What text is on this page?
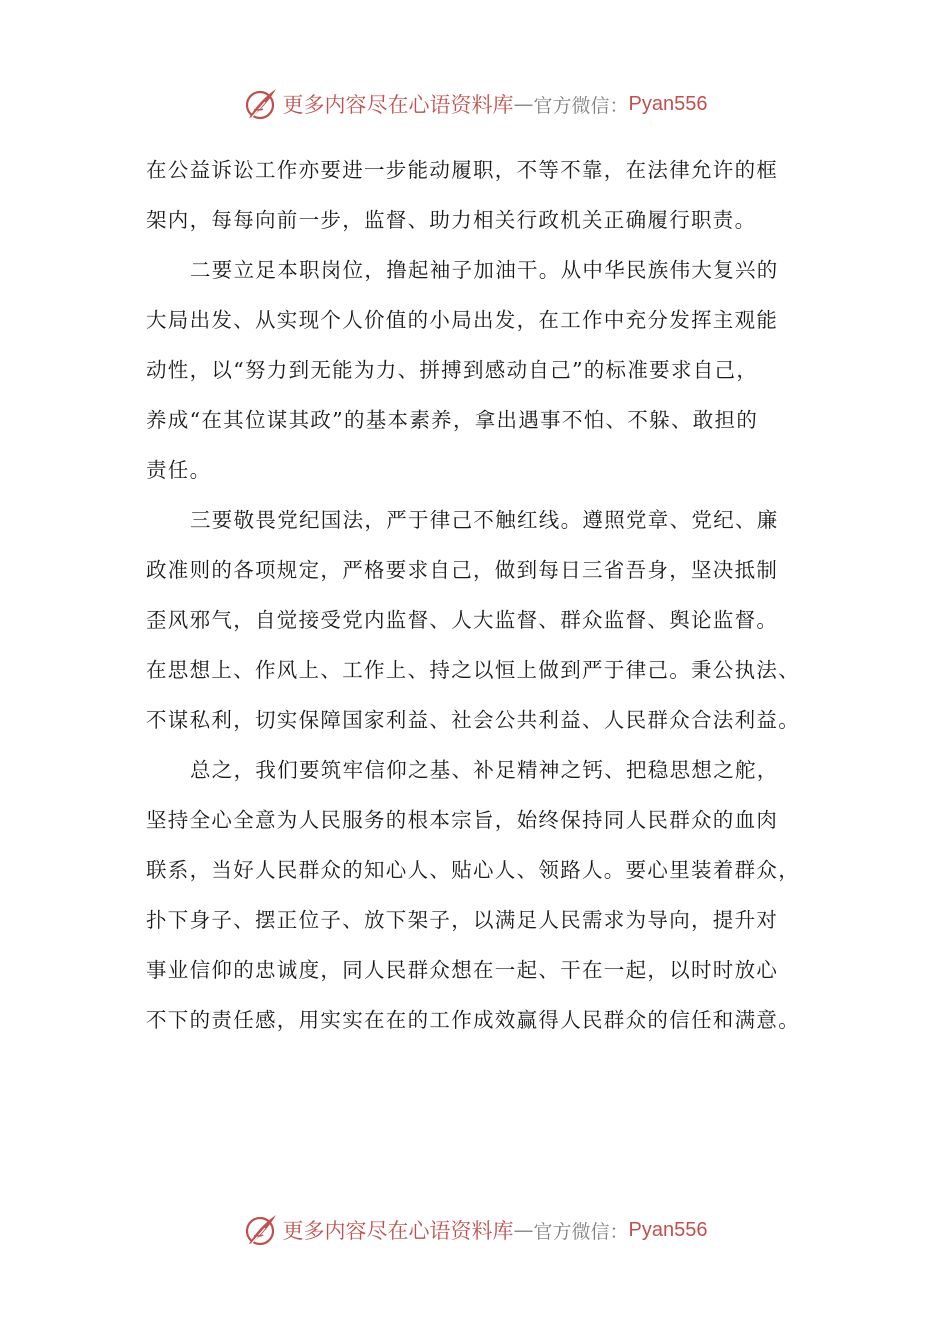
更多内容尽在心语资料库 — 官方微信： Pyan556
在公益诉讼工作亦要进一步能动履职，不等不靠，在法律允许的框
架内，每每向前一步，监督、助力相关行政机关正确履行职责。
二要立足本职岗位，撸起袖子加油干。从中华民族伟大复兴的
大局出发、从实现个人价值的小局出发，在工作中充分发挥主观能
动性，以“努力到无能为力、拼搏到感动自己”的标准要求自己，
养成“在其位谋其政”的基本素养，拿出遇事不怕、不躲、敢担的
责任。
三要敬畏党纪国法，严于律己不触红线。遵照党章、党纪、廉
政准则的各项规定，严格要求自己，做到每日三省吾身，坚决抵制
歪风邪气，自觉接受党内监督、人大监督、群众监督、舆论监督。
在思想上、作风上、工作上、持之以恒上做到严于律己。秉公执法、
不谋私利，切实保障国家利益、社会公共利益、人民群众合法利益。
总之，我们要筑牢信仰之基、补足精神之钙、把稳思想之舵，
坚持全心全意为人民服务的根本宗旨，始终保持同人民群众的血肉
联系，当好人民群众的知心人、贴心人、领路人。要心里装着群众，
扑下身子、摆正位子、放下架子，以满足人民需求为导向，提升对
事业信仰的忠诚度，同人民群众想在一起、干在一起，以时时放心
不下的责任感，用实实在在的工作成效赢得人民群众的信任和满意。
更多内容尽在心语资料库 — 官方微信： Pyan556
